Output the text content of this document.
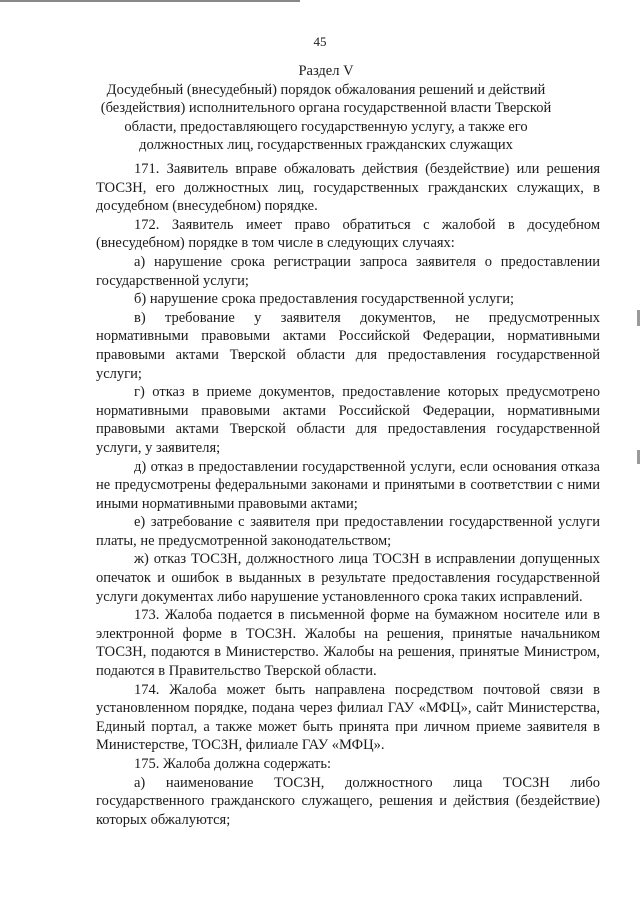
45
Раздел V
Досудебный (внесудебный) порядок обжалования решений и действий
(бездействия) исполнительного органа государственной власти Тверской
области, предоставляющего государственную услугу, а также его
должностных лиц, государственных гражданских служащих

171. Заявитель вправе обжаловать действия (бездействие) или решения ТОСЗН, его должностных лиц, государственных гражданских служащих, в досудебном (внесудебном) порядке.

172. Заявитель имеет право обратиться с жалобой в досудебном (внесудебном) порядке в том числе в следующих случаях:

а) нарушение срока регистрации запроса заявителя о предоставлении государственной услуги;

б) нарушение срока предоставления государственной услуги;

в) требование у заявителя документов, не предусмотренных нормативными правовыми актами Российской Федерации, нормативными правовыми актами Тверской области для предоставления государственной услуги;

г) отказ в приеме документов, предоставление которых предусмотрено нормативными правовыми актами Российской Федерации, нормативными правовыми актами Тверской области для предоставления государственной услуги, у заявителя;

д) отказ в предоставлении государственной услуги, если основания отказа не предусмотрены федеральными законами и принятыми в соответствии с ними иными нормативными правовыми актами;

е) затребование с заявителя при предоставлении государственной услуги платы, не предусмотренной законодательством;

ж) отказ ТОСЗН, должностного лица ТОСЗН в исправлении допущенных опечаток и ошибок в выданных в результате предоставления государственной услуги документах либо нарушение установленного срока таких исправлений.

173. Жалоба подается в письменной форме на бумажном носителе или в электронной форме в ТОСЗН. Жалобы на решения, принятые начальником ТОСЗН, подаются в Министерство. Жалобы на решения, принятые Министром, подаются в Правительство Тверской области.

174. Жалоба может быть направлена посредством почтовой связи в установленном порядке, подана через филиал ГАУ «МФЦ», сайт Министерства, Единый портал, а также может быть принята при личном приеме заявителя в Министерстве, ТОСЗН, филиале ГАУ «МФЦ».

175. Жалоба должна содержать:

а) наименование ТОСЗН, должностного лица ТОСЗН либо государственного гражданского служащего, решения и действия (бездействие) которых обжалуются;
